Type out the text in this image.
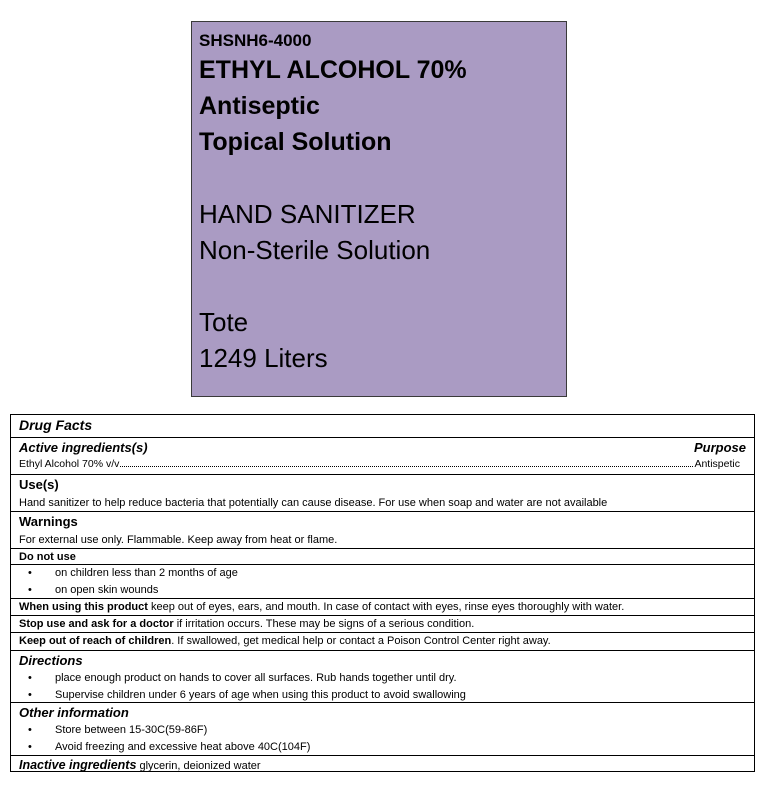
SHSNH6-4000
ETHYL ALCOHOL 70%
Antiseptic
Topical Solution
HAND SANITIZER
Non-Sterile Solution
Tote
1249 Liters
Drug Facts
Active ingredients(s)	Purpose
Ethyl Alcohol 70% v/v	Antispetic
Use(s)
Hand sanitizer to help reduce bacteria that potentially can cause disease. For use when soap and water are not available
Warnings
For external use only. Flammable. Keep away from heat or flame.
Do not use
• on children less than 2 months of age
• on open skin wounds
When using this product keep out of eyes, ears, and mouth. In case of contact with eyes, rinse eyes thoroughly with water.
Stop use and ask for a doctor if irritation occurs. These may be signs of a serious condition.
Keep out of reach of children. If swallowed, get medical help or contact a Poison Control Center right away.
Directions
• place enough product on hands to cover all surfaces. Rub hands together until dry.
• Supervise children under 6 years of age when using this product to avoid swallowing
Other information
• Store between 15-30C(59-86F)
• Avoid freezing and excessive heat above 40C(104F)
Inactive ingredients glycerin, deionized water
